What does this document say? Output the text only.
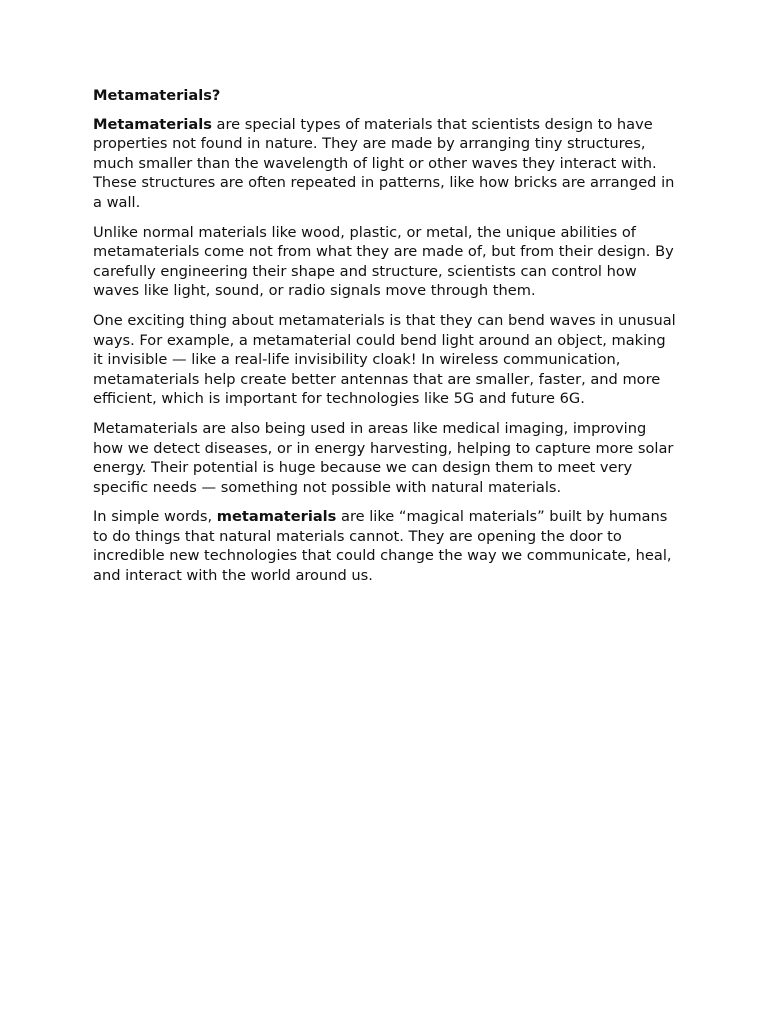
Metamaterials?

Metamaterials are special types of materials that scientists design to have properties not found in nature. They are made by arranging tiny structures, much smaller than the wavelength of light or other waves they interact with. These structures are often repeated in patterns, like how bricks are arranged in a wall.

Unlike normal materials like wood, plastic, or metal, the unique abilities of metamaterials come not from what they are made of, but from their design. By carefully engineering their shape and structure, scientists can control how waves like light, sound, or radio signals move through them.

One exciting thing about metamaterials is that they can bend waves in unusual ways. For example, a metamaterial could bend light around an object, making it invisible — like a real-life invisibility cloak! In wireless communication, metamaterials help create better antennas that are smaller, faster, and more efficient, which is important for technologies like 5G and future 6G.

Metamaterials are also being used in areas like medical imaging, improving how we detect diseases, or in energy harvesting, helping to capture more solar energy. Their potential is huge because we can design them to meet very specific needs — something not possible with natural materials.

In simple words, metamaterials are like “magical materials” built by humans to do things that natural materials cannot. They are opening the door to incredible new technologies that could change the way we communicate, heal, and interact with the world around us.
